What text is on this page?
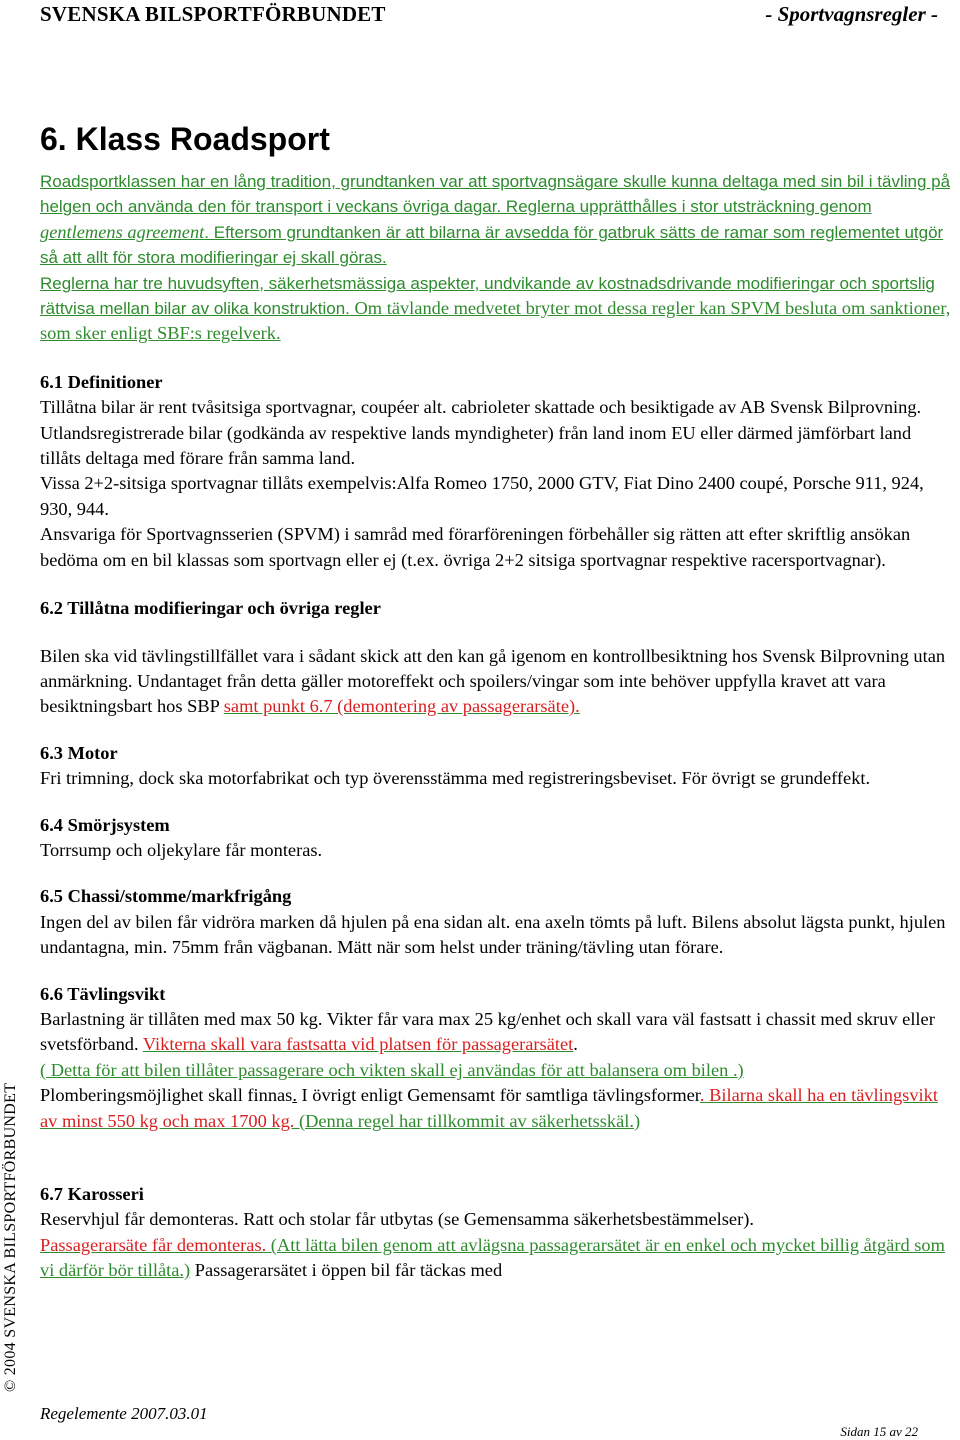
SVENSKA BILSPORTFÖRBUNDET	- Sportvagnsregler -
6. Klass Roadsport

Roadsportklassen har en lång tradition, grundtanken var att sportvagnsägare skulle kunna deltaga med sin bil i tävling på helgen och använda den för transport i veckans övriga dagar. Reglerna upprätthålles i stor utsträckning genom gentlemens agreement. Eftersom grundtanken är att bilarna är avsedda för gatbruk sätts de ramar som reglementet utgör så att allt för stora modifieringar ej skall göras.
Reglerna har tre huvudsyften, säkerhetsmässiga aspekter, undvikande av kostnadsdrivande modifieringar och sportslig rättvisa mellan bilar av olika konstruktion. Om tävlande medvetet bryter mot dessa regler kan SPVM besluta om sanktioner, som sker enligt SBF:s regelverk.

6.1 Definitioner

Tillåtna bilar är rent tvåsitsiga sportvagnar, coupéer alt. cabrioleter skattade och besiktigade av AB Svensk Bilprovning. Utlandsregistrerade bilar (godkända av respektive lands myndigheter) från land inom EU eller därmed jämförbart land tillåts deltaga med förare från samma land.

Vissa 2+2-sitsiga sportvagnar tillåts exempelvis:Alfa Romeo 1750, 2000 GTV, Fiat Dino 2400 coupé, Porsche 911, 924, 930, 944.

Ansvariga för Sportvagnsserien (SPVM) i samråd med förarföreningen förbehåller sig rätten att efter skriftlig ansökan bedöma om en bil klassas som sportvagn eller ej (t.ex. övriga 2+2 sitsiga sportvagnar respektive racersportvagnar).

6.2 Tillåtna modifieringar och övriga regler

Bilen ska vid tävlingstillfället vara i sådant skick att den kan gå igenom en kontrollbesiktning hos Svensk Bilprovning utan anmärkning. Undantaget från detta gäller motoreffekt och spoilers/vingar som inte behöver uppfylla kravet att vara besiktningsbart hos SBP samt punkt 6.7 (demontering av passagerarsäte).

6.3 Motor

Fri trimning, dock ska motorfabrikat och typ överensstämma med registreringsbeviset. För övrigt se grundeffekt.

6.4 Smörjsystem

Torrsump och oljekylare får monteras.

6.5 Chassi/stomme/markfrigång

Ingen del av bilen får vidröra marken då hjulen på ena sidan alt. ena axeln tömts på luft. Bilens absolut lägsta punkt, hjulen undantagna, min. 75mm från vägbanan. Mätt när som helst under träning/tävling utan förare.

6.6 Tävlingsvikt

Barlastning är tillåten med max 50 kg. Vikter får vara max 25 kg/enhet och skall vara väl fastsatt i chassit med skruv eller svetsförband. Vikterna skall vara fastsatta vid platsen för passagerarsätet.

( Detta för att bilen tillåter passagerare och vikten skall ej användas för att balansera om bilen .)

Plomberingsmöjlighet skall finnas. I övrigt enligt Gemensamt för samtliga tävlingsformer. Bilarna skall ha en tävlingsvikt av minst 550 kg och max 1700 kg. (Denna regel har tillkommit av säkerhetsskäl.)

6.7 Karosseri

Reservhjul får demonteras. Ratt och stolar får utbytas (se Gemensamma säkerhetsbestämmelser).

Passagerarsäte får demonteras. (Att lätta bilen genom att avlägsna passagerarsätet är en enkel och mycket billig åtgärd som vi därför bör tillåta.) Passagerarsätet i öppen bil får täckas med

© 2004 SVENSKA BILSPORTFÖRBUNDET
Regelemente 2007.03.01
Sidan 15 av 22
